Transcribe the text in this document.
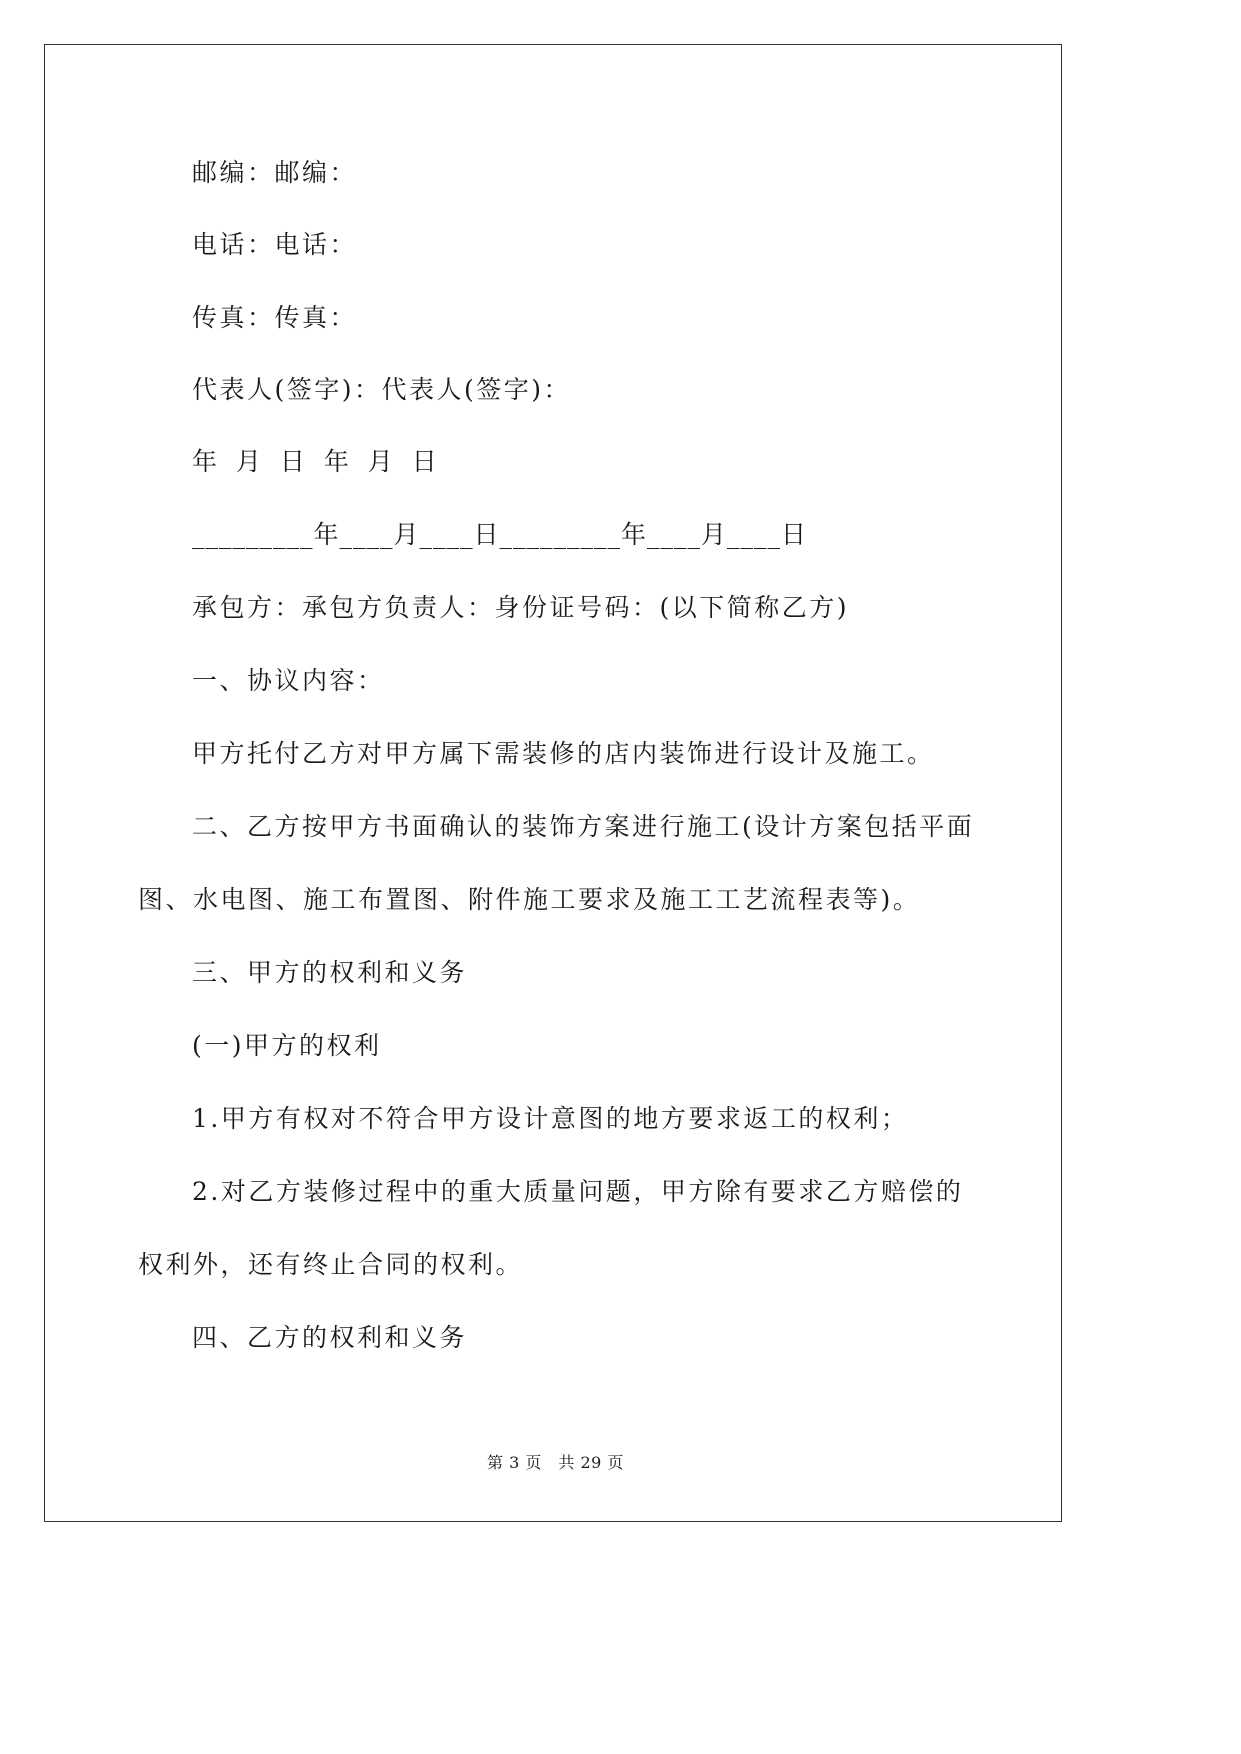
邮编：邮编：
电话：电话：
传真：传真：
代表人(签字)：代表人(签字)：
年 月 日 年 月 日
_________年____月____日_________年____月____日
承包方：承包方负责人：身份证号码：(以下简称乙方)
一、协议内容：
甲方托付乙方对甲方属下需装修的店内装饰进行设计及施工。
二、乙方按甲方书面确认的装饰方案进行施工(设计方案包括平面
图、水电图、施工布置图、附件施工要求及施工工艺流程表等)。
三、甲方的权利和义务
(一)甲方的权利
1.甲方有权对不符合甲方设计意图的地方要求返工的权利；
2.对乙方装修过程中的重大质量问题，甲方除有要求乙方赔偿的
权利外，还有终止合同的权利。
四、乙方的权利和义务
第 3 页　共 29 页
